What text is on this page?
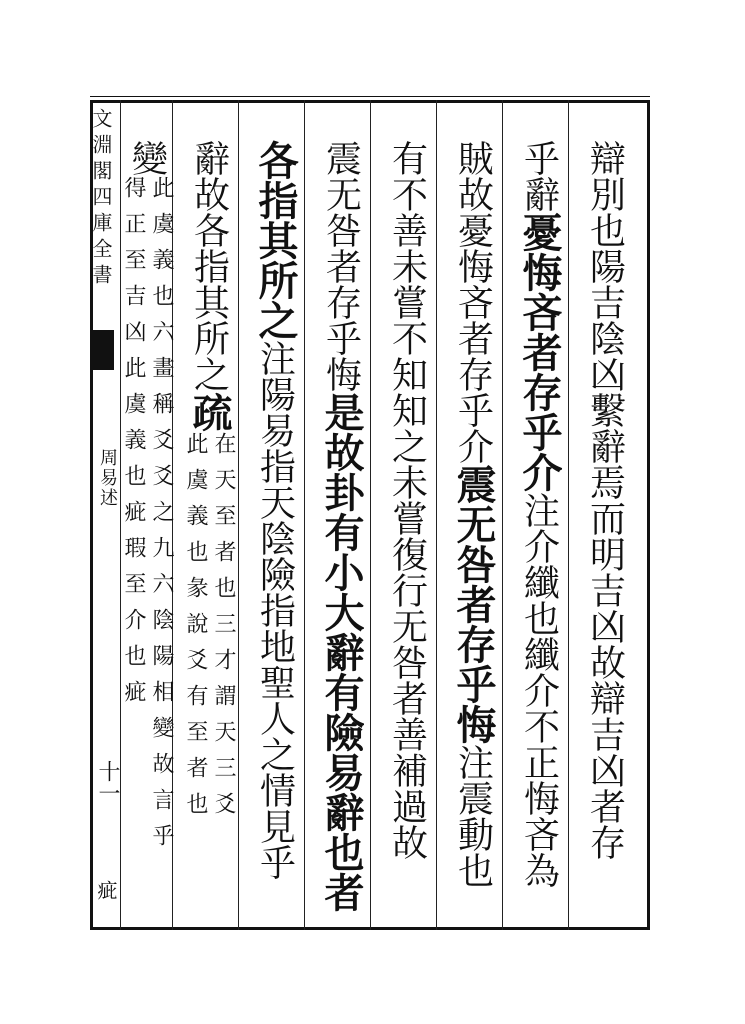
文淵閣四庫全書
周易述
十一
疵
辯別也陽吉陰凶繫辭焉而明吉凶故辯吉凶者存
乎辭
憂悔吝者存乎介
注介纖也纖介不正悔吝為
賊故憂悔吝者存乎介
震无咎者存乎悔
注震動也
有不善未嘗不知知之未嘗復行无咎者善補過故
震无咎者存乎悔
是故卦有小大辭有險易辭也者
各指其所之
注陽易指天陰險指地聖人之情見乎
辭故各指其所之
疏
在天至者也三才謂天三爻
此虞義也彖說爻有至者也
變
此虞義也六畫稱爻爻之九六陰陽相變故言乎
得正至吉凶此虞義也疵瑕至介也疵
